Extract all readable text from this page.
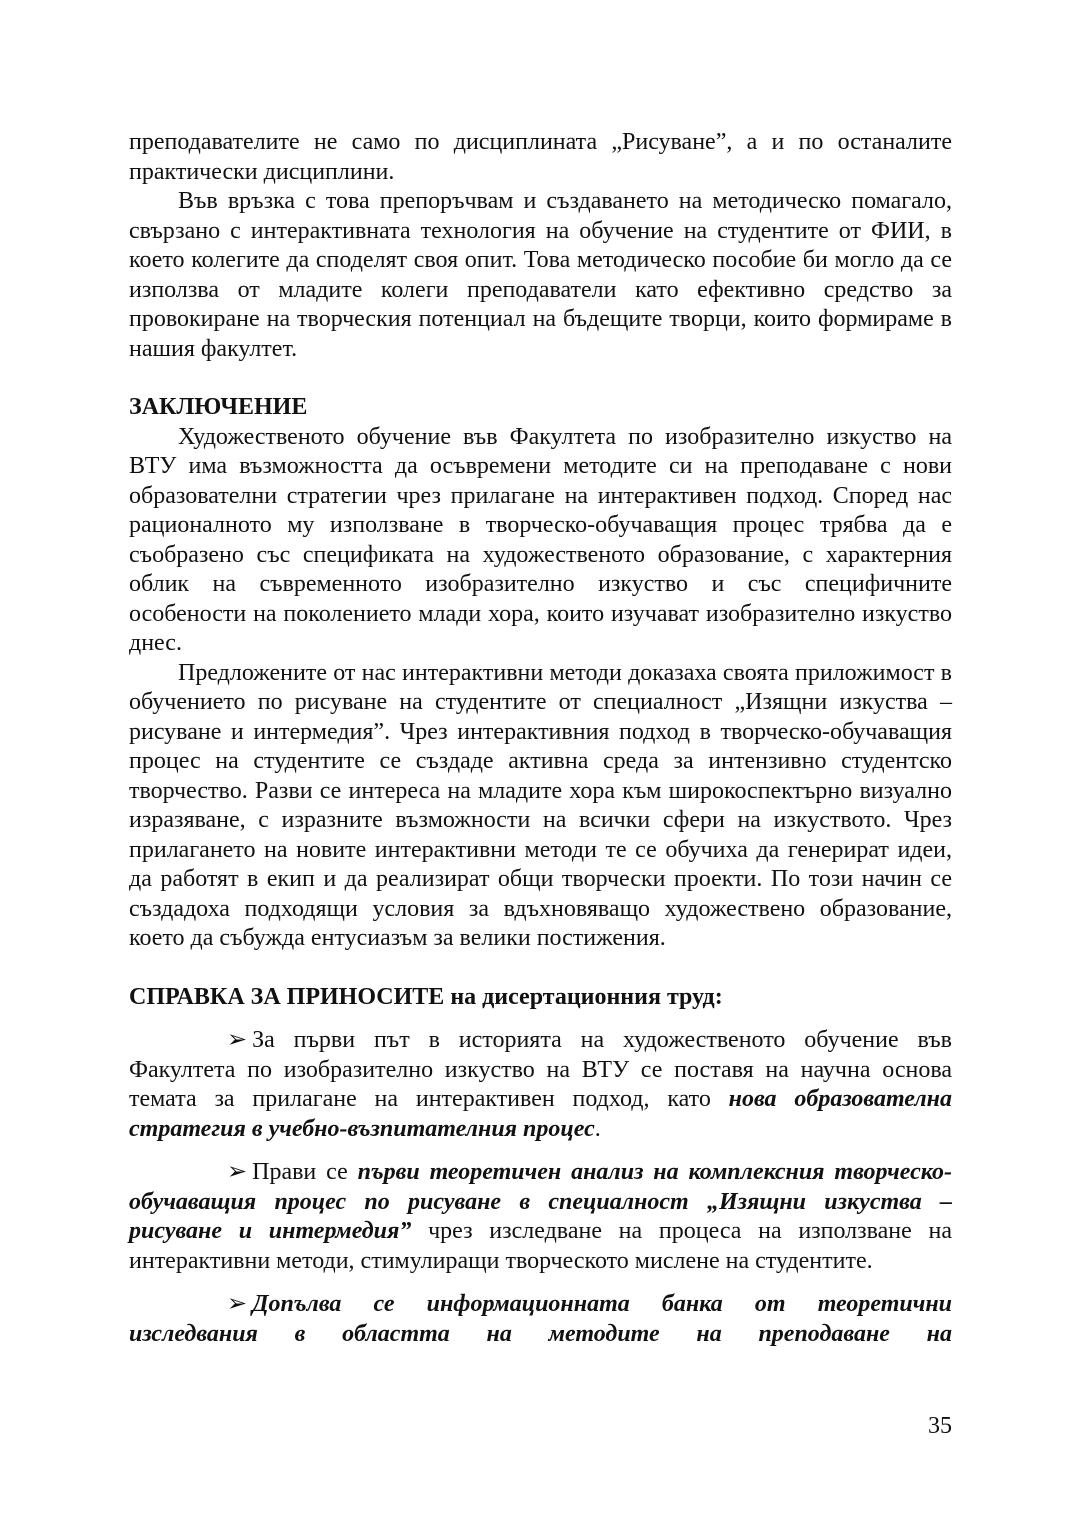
преподавателите не само по дисциплината „Рисуване”, а и по останалите практически дисциплини.

Във връзка с това препоръчвам и създаването на методическо помагало, свързано с интерактивната технология на обучение на студентите от ФИИ, в което колегите да споделят своя опит. Това методическо пособие би могло да се използва от младите колеги преподаватели като ефективно средство за провокиране на творческия потенциал на бъдещите творци, които формираме в нашия факултет.

ЗАКЛЮЧЕНИЕ

Художественото обучение във Факултета по изобразително изкуство на ВТУ има възможността да осъвремени методите си на преподаване с нови образователни стратегии чрез прилагане на интерактивен подход. Според нас рационалното му използване в творческо-обучаващия процес трябва да е съобразено със спецификата на художественото образование, с характерния облик на съвременното изобразително изкуство и със специфичните особености на поколението млади хора, които изучават изобразително изкуство днес.

Предложените от нас интерактивни методи доказаха своята приложимост в обучението по рисуване на студентите от специалност „Изящни изкуства – рисуване и интермедия”. Чрез интерактивния подход в творческо-обучаващия процес на студентите се създаде активна среда за интензивно студентско творчество. Разви се интереса на младите хора към широкоспектърно визуално изразяване, с изразните възможности на всички сфери на изкуството. Чрез прилагането на новите интерактивни методи те се обучиха да генерират идеи, да работят в екип и да реализират общи творчески проекти. По този начин се създадоха подходящи условия за вдъхновяващо художествено образование, което да събужда ентусиазъм за велики постижения.

СПРАВКА ЗА ПРИНОСИТЕ на дисертационния труд:

➢ За първи път в историята на художественото обучение във Факултета по изобразително изкуство на ВТУ се поставя на научна основа темата за прилагане на интерактивен подход, като нова образователна стратегия в учебно-възпитателния процес.

➢ Прави се първи теоретичен анализ на комплексния творческо-обучаващия процес по рисуване в специалност „Изящни изкуства – рисуване и интермедия” чрез изследване на процеса на използване на интерактивни методи, стимулиращи творческото мислене на студентите.

➢ Допълва се информационната банка от теоретични изследвания в областта на методите на преподаване на

35
